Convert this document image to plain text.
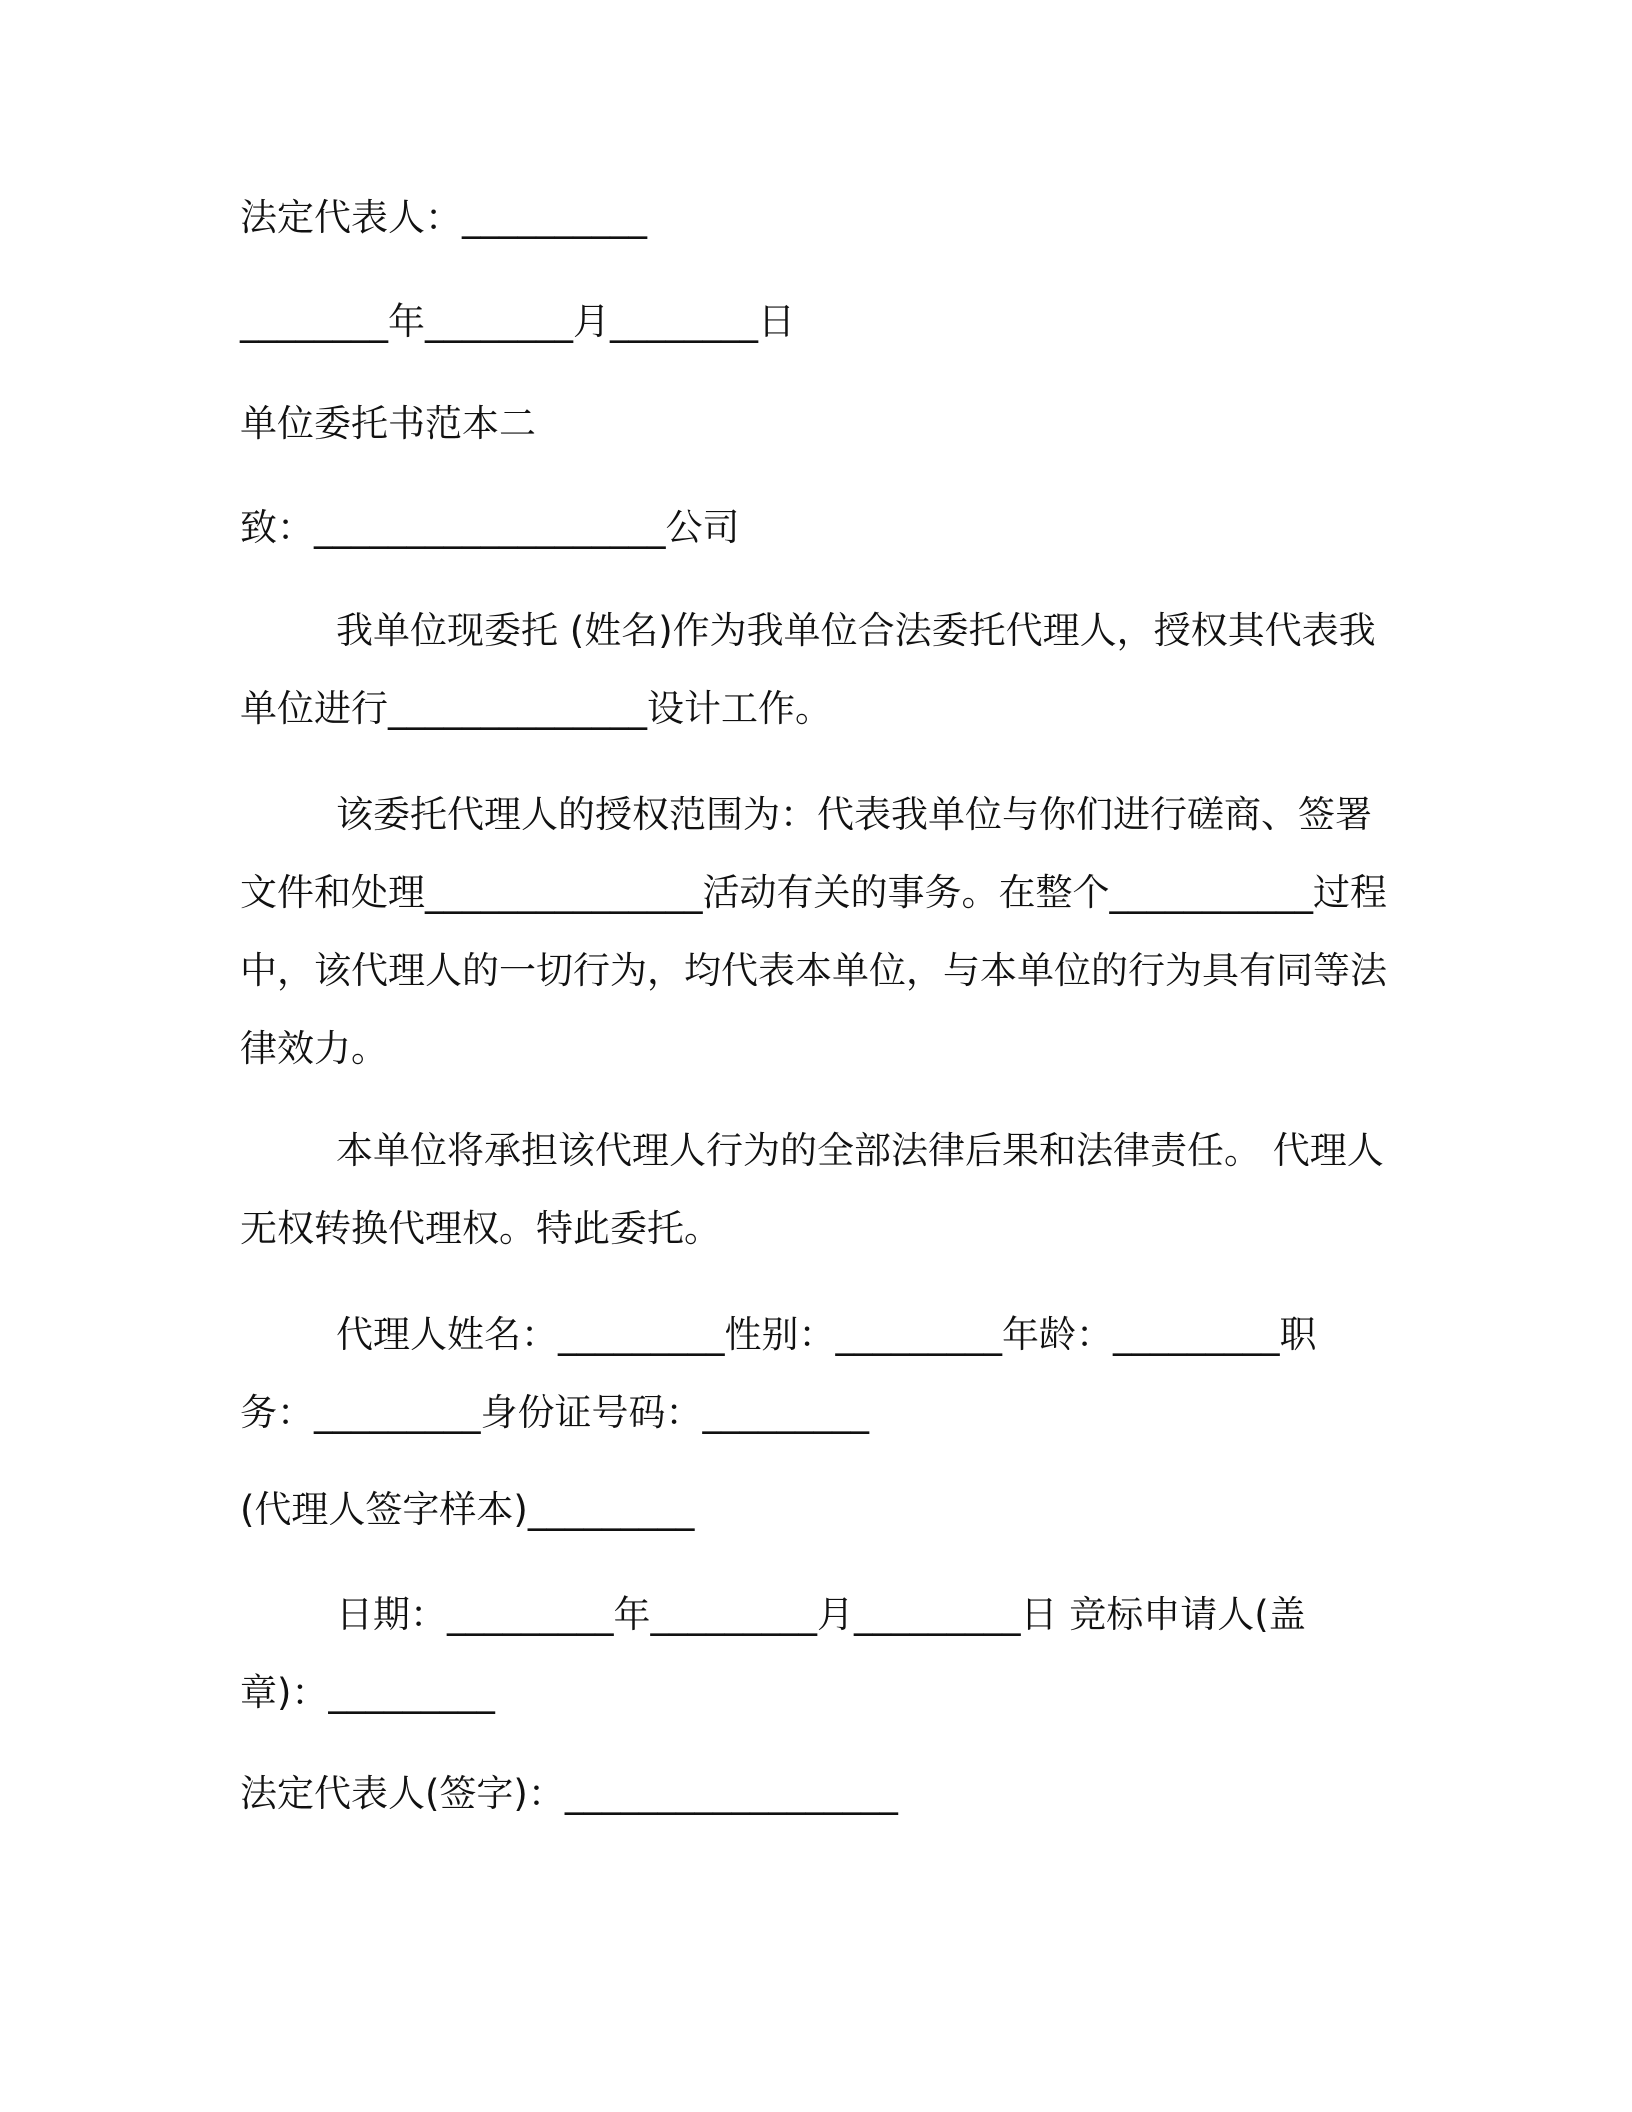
法定代表人：__________
________年________月________日
单位委托书范本二
致：___________________公司

我单位现委托 (姓名)作为我单位合法委托代理人，授权其代表我单位进行______________设计工作。

该委托代理人的授权范围为：代表我单位与你们进行磋商、签署文件和处理_______________活动有关的事务。在整个___________过程中，该代理人的一切行为，均代表本单位，与本单位的行为具有同等法律效力。

本单位将承担该代理人行为的全部法律后果和法律责任。 代理人无权转换代理权。特此委托。

代理人姓名：_________性别：_________年龄：_________职务：_________身份证号码：_________

(代理人签字样本)_________

日期：_________年_________月_________日 竞标申请人(盖章)：_________

法定代表人(签字)：__________________
